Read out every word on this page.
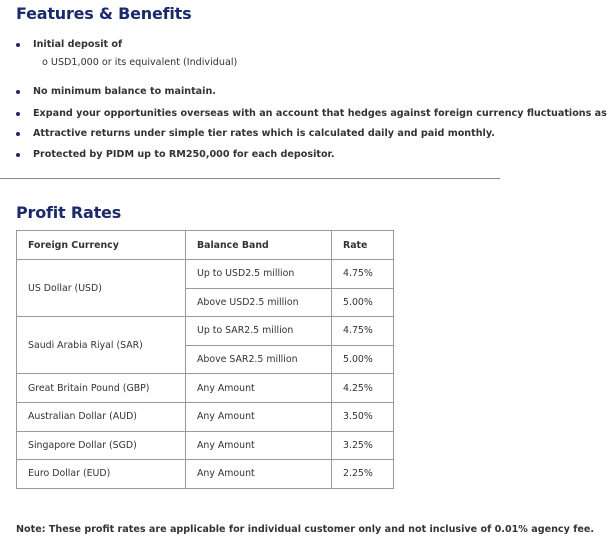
Features & Benefits
Initial deposit of
No minimum balance to maintain.
Expand your opportunities overseas with an account that hedges against foreign currency fluctuations as
Attractive returns under simple tier rates which is calculated daily and paid monthly.
Protected by PIDM up to RM250,000 for each depositor.
o USD1,000 or its equivalent (Individual)
Profit Rates
Foreign Currency	Balance Band	Rate
US Dollar (USD)	Up to USD2.5 million	4.75%
	Above USD2.5 million	5.00%
Saudi Arabia Riyal (SAR)	Up to SAR2.5 million	4.75%
	Above SAR2.5 million	5.00%
Great Britain Pound (GBP)	Any Amount	4.25%
Australian Dollar (AUD)	Any Amount	3.50%
Singapore Dollar (SGD)	Any Amount	3.25%
Euro Dollar (EUD)	Any Amount	2.25%
Note: These profit rates are applicable for individual customer only and not inclusive of 0.01% agency fee.
